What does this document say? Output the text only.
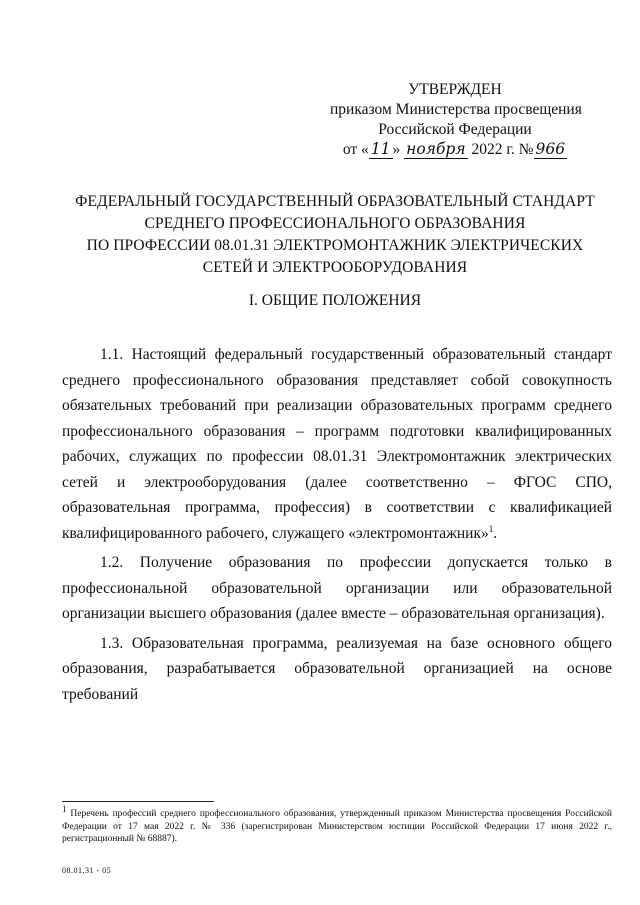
УТВЕРЖДЕН
приказом Министерства просвещения
Российской Федерации
от « 11 » ноября 2022 г. № 966
ФЕДЕРАЛЬНЫЙ ГОСУДАРСТВЕННЫЙ ОБРАЗОВАТЕЛЬНЫЙ СТАНДАРТ
СРЕДНЕГО ПРОФЕССИОНАЛЬНОГО ОБРАЗОВАНИЯ
ПО ПРОФЕССИИ 08.01.31 ЭЛЕКТРОМОНТАЖНИК ЭЛЕКТРИЧЕСКИХ
СЕТЕЙ И ЭЛЕКТРООБОРУДОВАНИЯ
I. ОБЩИЕ ПОЛОЖЕНИЯ

1.1. Настоящий федеральный государственный образовательный стандарт среднего профессионального образования представляет собой совокупность обязательных требований при реализации образовательных программ среднего профессионального образования – программ подготовки квалифицированных рабочих, служащих по профессии 08.01.31 Электромонтажник электрических сетей и электрооборудования (далее соответственно – ФГОС СПО, образовательная программа, профессия) в соответствии с квалификацией квалифицированного рабочего, служащего «электромонтажник»$^1$.

1.2. Получение образования по профессии допускается только в профессиональной образовательной организации или образовательной организации высшего образования (далее вместе – образовательная организация).

1.3. Образовательная программа, реализуемая на базе основного общего образования, разрабатывается образовательной организацией на основе требований

$^1$ Перечень профессий среднего профессионального образования, утвержденный приказом Министерства просвещения Российской Федерации от 17 мая 2022 г. № 336 (зарегистрирован Министерством юстиции Российской Федерации 17 июня 2022 г., регистрационный № 68887).
08.01.31 - 05
